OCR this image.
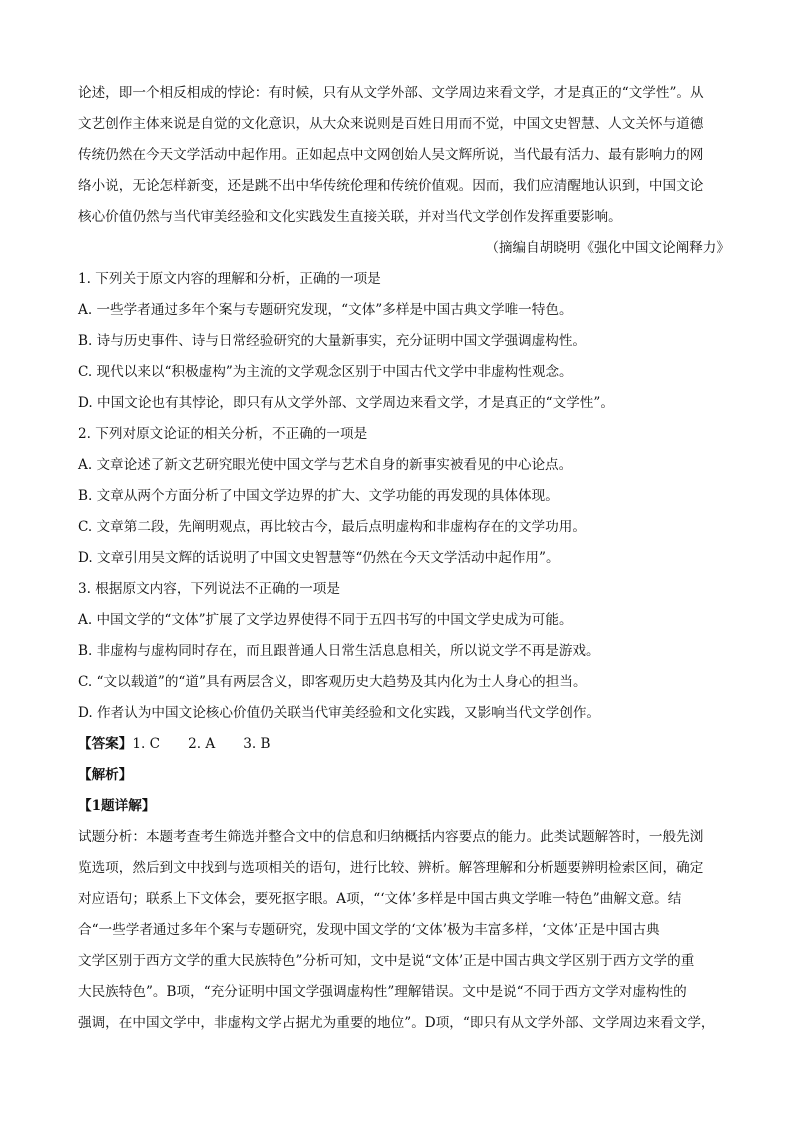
论述，即一个相反相成的悖论：有时候，只有从文学外部、文学周边来看文学，才是真正的“文学性”。从

文艺创作主体来说是自觉的文化意识，从大众来说则是百姓日用而不觉，中国文史智慧、人文关怀与道德

传统仍然在今天文学活动中起作用。正如起点中文网创始人吴文辉所说，当代最有活力、最有影响力的网

络小说，无论怎样新变，还是跳不出中华传统伦理和传统价值观。因而，我们应清醒地认识到，中国文论

核心价值仍然与当代审美经验和文化实践发生直接关联，并对当代文学创作发挥重要影响。

（摘编自胡晓明《强化中国文论阐释力》

1. 下列关于原文内容的理解和分析，正确的一项是

A. 一些学者通过多年个案与专题研究发现，“文体”多样是中国古典文学唯一特色。

B. 诗与历史事件、诗与日常经验研究的大量新事实，充分证明中国文学强调虚构性。

C. 现代以来以“积极虚构”为主流的文学观念区别于中国古代文学中非虚构性观念。

D. 中国文论也有其悖论，即只有从文学外部、文学周边来看文学，才是真正的“文学性”。

2. 下列对原文论证的相关分析，不正确的一项是

A. 文章论述了新文艺研究眼光使中国文学与艺术自身的新事实被看见的中心论点。

B. 文章从两个方面分析了中国文学边界的扩大、文学功能的再发现的具体体现。

C. 文章第二段，先阐明观点，再比较古今，最后点明虚构和非虚构存在的文学功用。

D. 文章引用吴文辉的话说明了中国文史智慧等“仍然在今天文学活动中起作用”。

3. 根据原文内容，下列说法不正确的一项是

A. 中国文学的“文体”扩展了文学边界使得不同于五四书写的中国文学史成为可能。

B. 非虚构与虚构同时存在，而且跟普通人日常生活息息相关，所以说文学不再是游戏。

C. “文以载道”的“道”具有两层含义，即客观历史大趋势及其内化为士人身心的担当。

D. 作者认为中国文论核心价值仍关联当代审美经验和文化实践，又影响当代文学创作。

【答案】1. C 2. A 3. B

【解析】

【1题详解】

试题分析：本题考查考生筛选并整合文中的信息和归纳概括内容要点的能力。此类试题解答时，一般先浏

览选项，然后到文中找到与选项相关的语句，进行比较、辨析。解答理解和分析题要辨明检索区间，确定

对应语句；联系上下文体会，要死抠字眼。A项，“‘文体’多样是中国古典文学唯一特色”曲解文意。结

合“一些学者通过多年个案与专题研究，发现中国文学的‘文体’极为丰富多样，‘文体’正是中国古典

文学区别于西方文学的重大民族特色”分析可知，文中是说“文体’正是中国古典文学区别于西方文学的重

大民族特色”。B项，“充分证明中国文学强调虚构性”理解错误。文中是说“不同于西方文学对虚构性的

强调，在中国文学中，非虚构文学占据尤为重要的地位”。D项，“即只有从文学外部、文学周边来看文学，
